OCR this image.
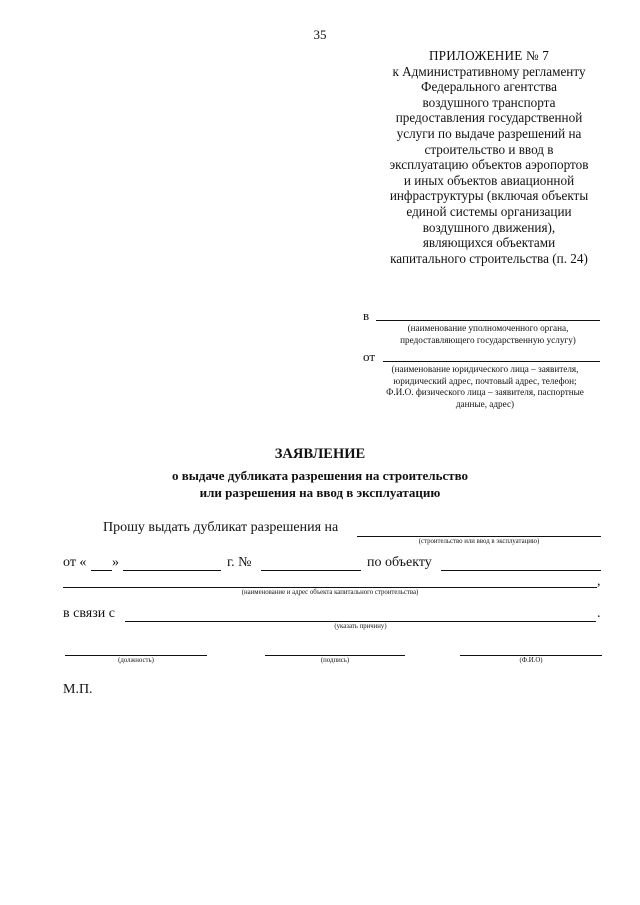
35
ПРИЛОЖЕНИЕ № 7
к Административному регламенту
Федерального агентства
воздушного транспорта
предоставления государственной
услуги по выдаче разрешений на
строительство и ввод в
эксплуатацию объектов аэропортов
и иных объектов авиационной
инфраструктуры (включая объекты
единой системы организации
воздушного движения),
являющихся объектами
капитального строительства (п. 24)
в
(наименование уполномоченного органа,
предоставляющего государственную услугу)
от
(наименование юридического лица – заявителя,
юридический адрес, почтовый адрес, телефон;
Ф.И.О. физического лица – заявителя, паспортные
данные, адрес)
ЗАЯВЛЕНИЕ
о выдаче дубликата разрешения на строительство
или разрешения на ввод в эксплуатацию
Прошу выдать дубликат разрешения на
(строительство или ввод в эксплуатацию)
от « »	г. №	по объекту
,
(наименование и адрес объекта капитального строительства)
в связи с	.
(указать причину)
(должность)	(подпись)	(Ф.И.О)
М.П.
